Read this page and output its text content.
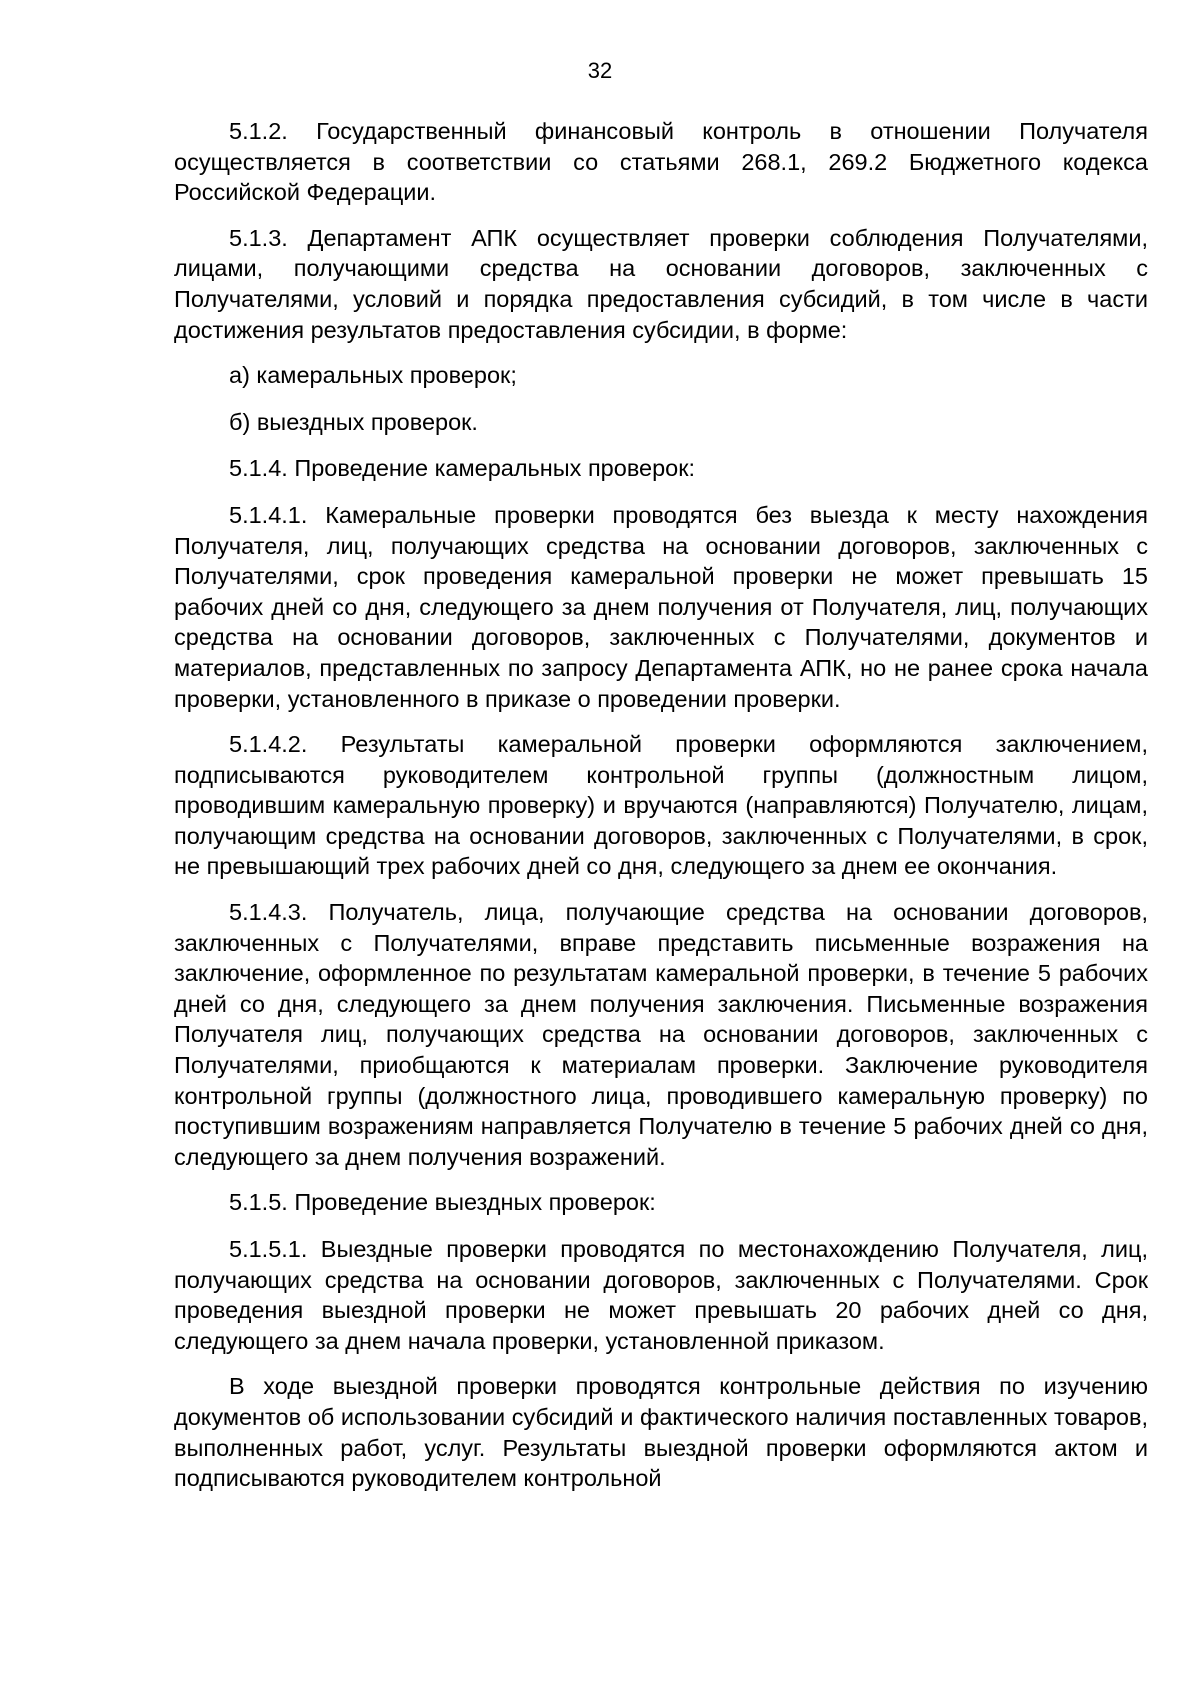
32

5.1.2. Государственный финансовый контроль в отношении Получателя осуществляется в соответствии со статьями 268.1, 269.2 Бюджетного кодекса Российской Федерации.

5.1.3. Департамент АПК осуществляет проверки соблюдения Получателями, лицами, получающими средства на основании договоров, заключенных с Получателями, условий и порядка предоставления субсидий, в том числе в части достижения результатов предоставления субсидии, в форме:

а) камеральных проверок;

б) выездных проверок.

5.1.4. Проведение камеральных проверок:

5.1.4.1. Камеральные проверки проводятся без выезда к месту нахождения Получателя, лиц, получающих средства на основании договоров, заключенных с Получателями, срок проведения камеральной проверки не может превышать 15 рабочих дней со дня, следующего за днем получения от Получателя, лиц, получающих средства на основании договоров, заключенных с Получателями, документов и материалов, представленных по запросу Департамента АПК, но не ранее срока начала проверки, установленного в приказе о проведении проверки.

5.1.4.2. Результаты камеральной проверки оформляются заключением, подписываются руководителем контрольной группы (должностным лицом, проводившим камеральную проверку) и вручаются (направляются) Получателю, лицам, получающим средства на основании договоров, заключенных с Получателями, в срок, не превышающий трех рабочих дней со дня, следующего за днем ее окончания.

5.1.4.3. Получатель, лица, получающие средства на основании договоров, заключенных с Получателями, вправе представить письменные возражения на заключение, оформленное по результатам камеральной проверки, в течение 5 рабочих дней со дня, следующего за днем получения заключения. Письменные возражения Получателя лиц, получающих средства на основании договоров, заключенных с Получателями, приобщаются к материалам проверки. Заключение руководителя контрольной группы (должностного лица, проводившего камеральную проверку) по поступившим возражениям направляется Получателю в течение 5 рабочих дней со дня, следующего за днем получения возражений.

5.1.5. Проведение выездных проверок:

5.1.5.1. Выездные проверки проводятся по местонахождению Получателя, лиц, получающих средства на основании договоров, заключенных с Получателями. Срок проведения выездной проверки не может превышать 20 рабочих дней со дня, следующего за днем начала проверки, установленной приказом.

В ходе выездной проверки проводятся контрольные действия по изучению документов об использовании субсидий и фактического наличия поставленных товаров, выполненных работ, услуг. Результаты выездной проверки оформляются актом и подписываются руководителем контрольной
